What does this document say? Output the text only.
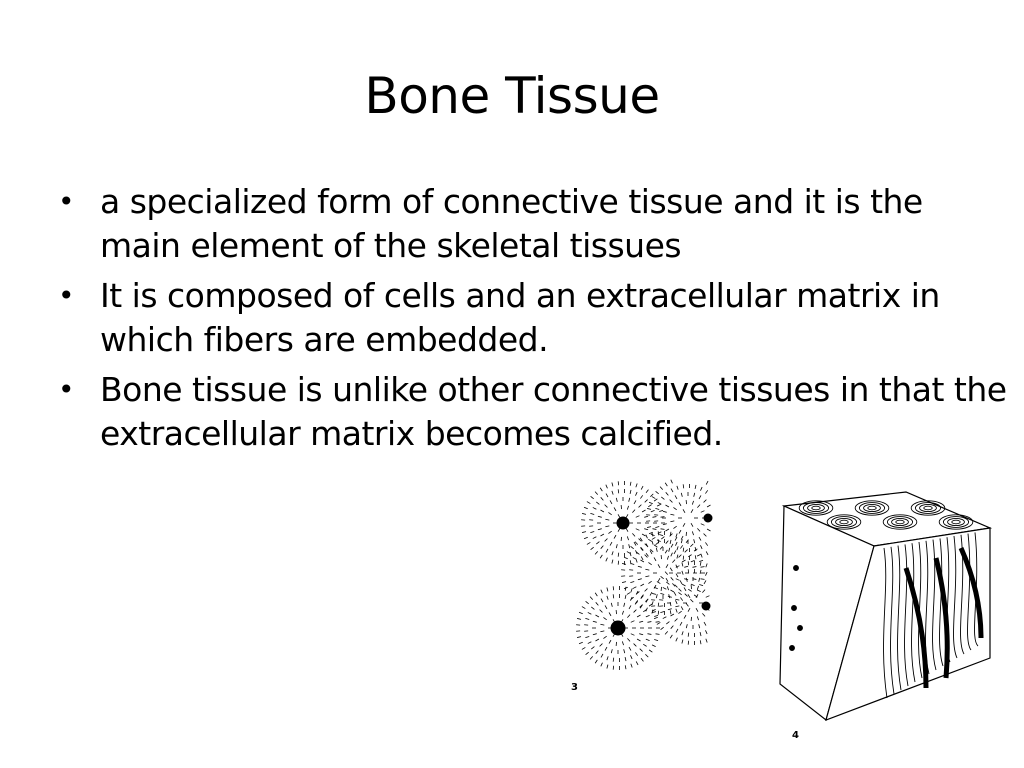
Bone Tissue
• a specialized form of connective tissue and it is the main element of the skeletal tissues
• It is composed of cells and an extracellular matrix in which fibers are embedded.
• Bone tissue is unlike other connective tissues in that the extracellular matrix becomes calcified.
3
4
